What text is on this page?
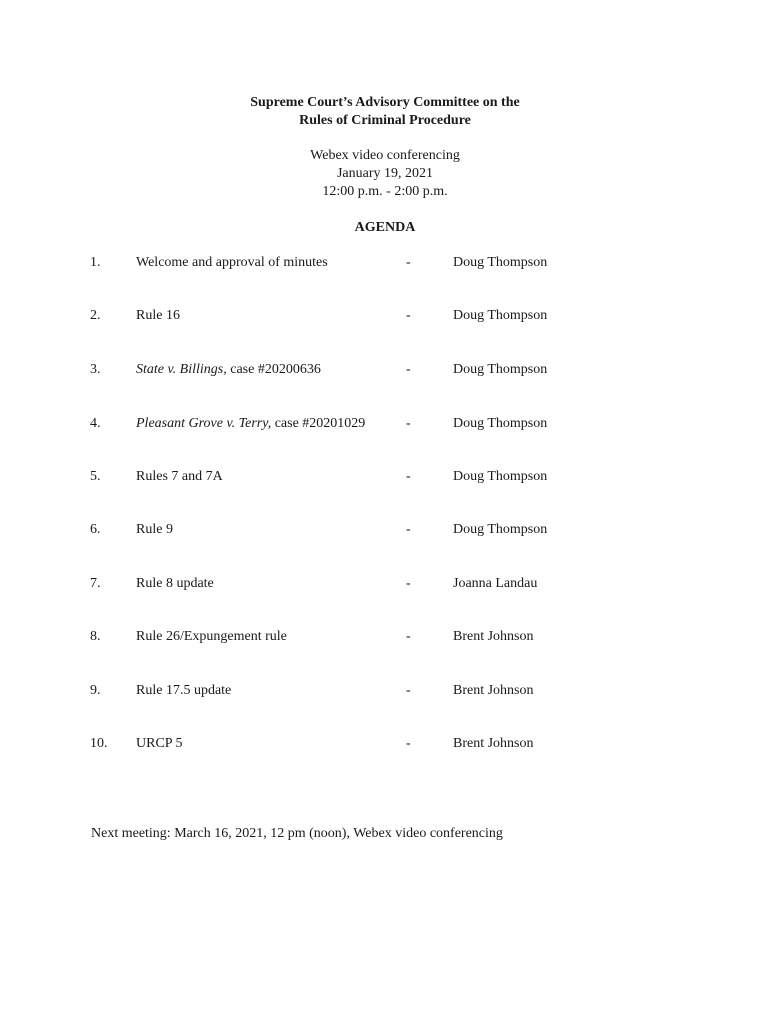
Supreme Court’s Advisory Committee on the
Rules of Criminal Procedure
Webex video conferencing
January 19, 2021
12:00 p.m. - 2:00 p.m.
AGENDA
1.	Welcome and approval of minutes	-	Doug Thompson
2.	Rule 16	-	Doug Thompson
3.	State v. Billings, case #20200636	-	Doug Thompson
4.	Pleasant Grove v. Terry, case #20201029	-	Doug Thompson
5.	Rules 7 and 7A	-	Doug Thompson
6.	Rule 9	-	Doug Thompson
7.	Rule 8 update	-	Joanna Landau
8.	Rule 26/Expungement rule	-	Brent Johnson
9.	Rule 17.5 update	-	Brent Johnson
10. URCP 5	-	Brent Johnson
Next meeting: March 16, 2021, 12 pm (noon), Webex video conferencing
